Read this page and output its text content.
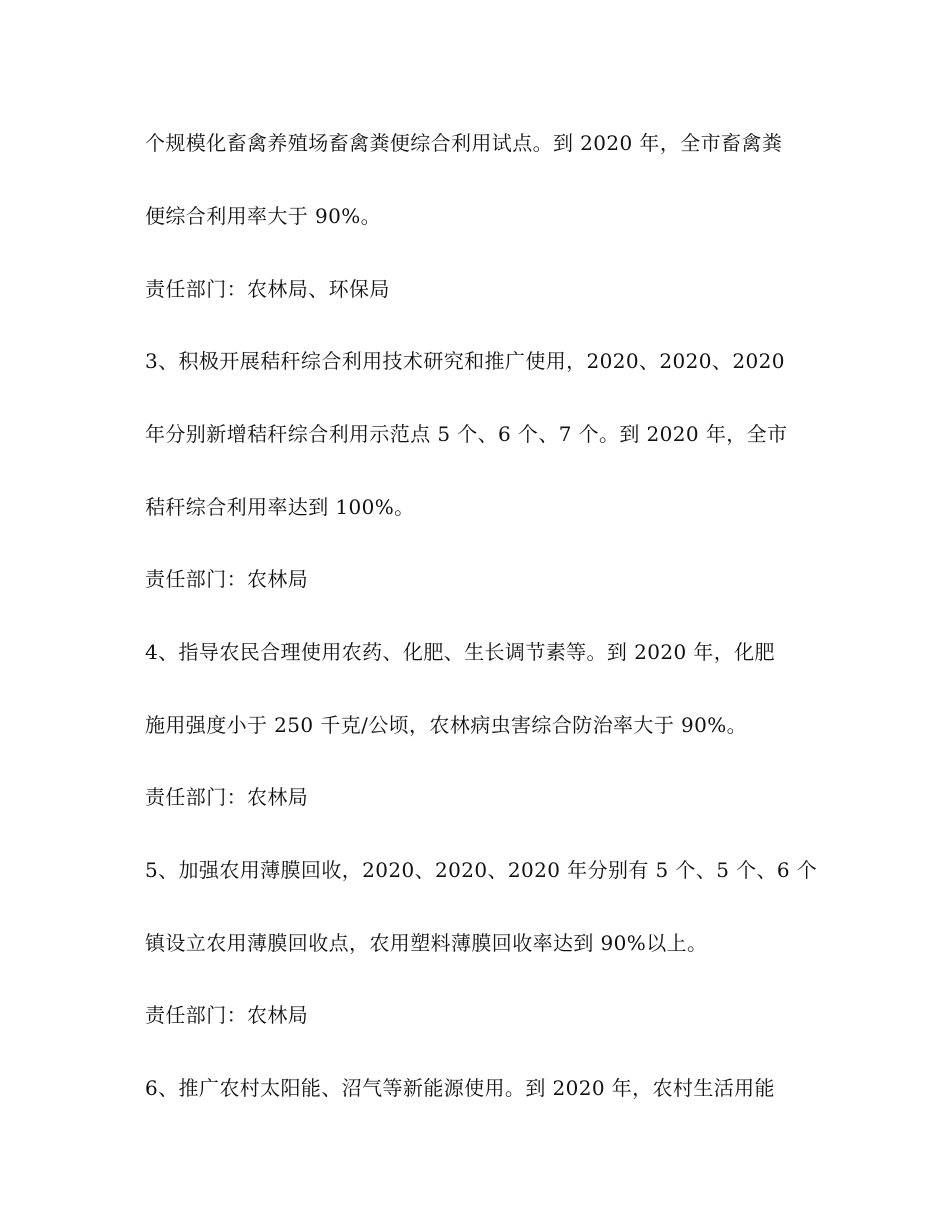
个规模化畜禽养殖场畜禽粪便综合利用试点。到 2020 年，全市畜禽粪

便综合利用率大于 90%。

责任部门：农林局、环保局

3、积极开展秸秆综合利用技术研究和推广使用，2020、2020、2020

年分别新增秸秆综合利用示范点 5 个、6 个、7 个。到 2020 年，全市

秸秆综合利用率达到 100%。

责任部门：农林局

4、指导农民合理使用农药、化肥、生长调节素等。到 2020 年，化肥

施用强度小于 250 千克/公顷，农林病虫害综合防治率大于 90%。

责任部门：农林局

5、加强农用薄膜回收，2020、2020、2020 年分别有 5 个、5 个、6 个

镇设立农用薄膜回收点，农用塑料薄膜回收率达到 90%以上。

责任部门：农林局

6、推广农村太阳能、沼气等新能源使用。到 2020 年，农村生活用能
